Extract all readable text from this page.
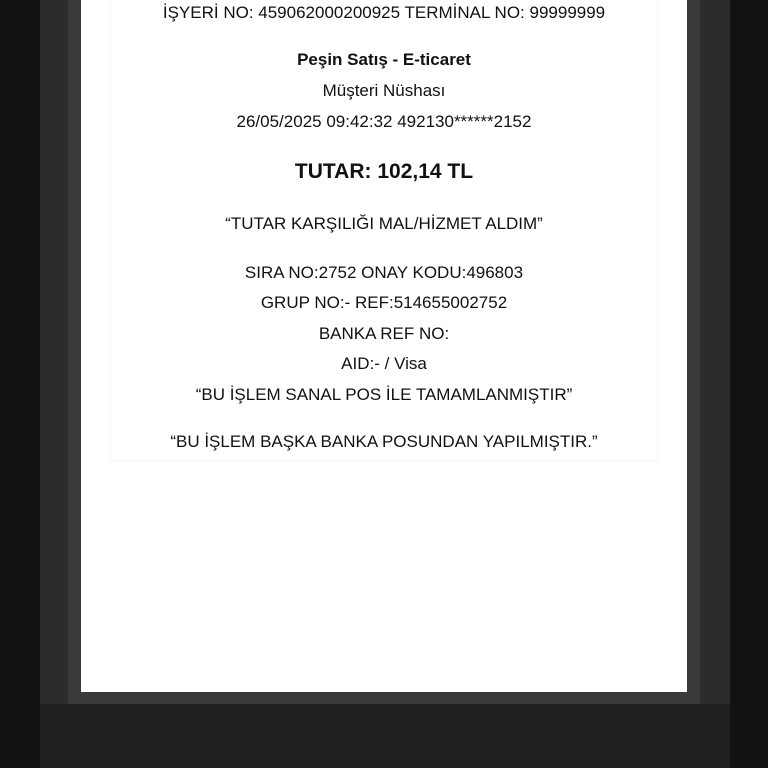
İŞYERİ NO: 459062000200925 TERMİNAL NO: 99999999
Peşin Satış - E-ticaret
Müşteri Nüshası
26/05/2025 09:42:32 492130******2152
TUTAR: 102,14 TL
“TUTAR KARŞILIĞI MAL/HİZMET ALDIM”
SIRA NO:2752 ONAY KODU:496803
GRUP NO:- REF:514655002752
BANKA REF NO:
AID:- / Visa
“BU İŞLEM SANAL POS İLE TAMAMLANMIŞTIR”
“BU İŞLEM BAŞKA BANKA POSUNDAN YAPILMIŞTIR.”
